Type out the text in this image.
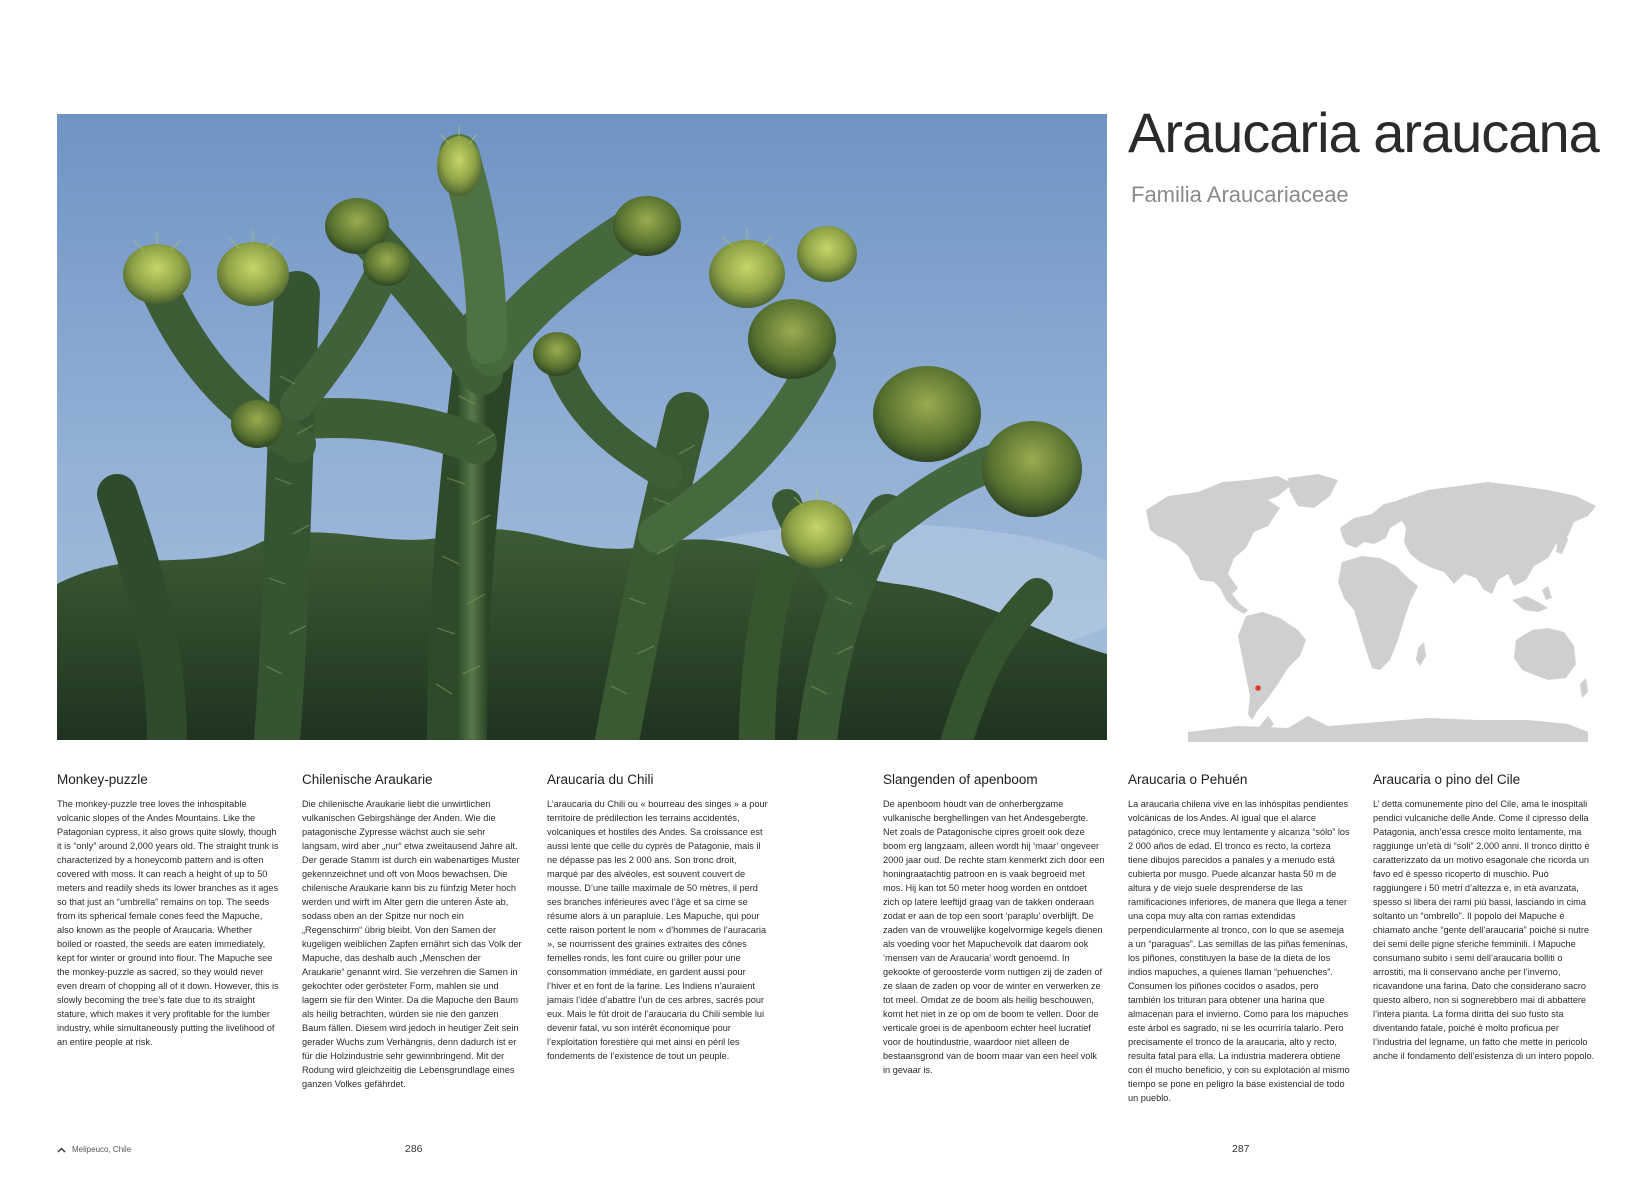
Araucaria araucana
Familia Araucariaceae
Monkey-puzzle

The monkey-puzzle tree loves the inhospitable volcanic slopes of the Andes Mountains. Like the Patagonian cypress, it also grows quite slowly, though it is “only” around 2,000 years old. The straight trunk is characterized by a honeycomb pattern and is often covered with moss. It can reach a height of up to 50 meters and readily sheds its lower branches as it ages so that just an “umbrella” remains on top. The seeds from its spherical female cones feed the Mapuche, also known as the people of Araucaria. Whether boiled or roasted, the seeds are eaten immediately, kept for winter or ground into flour. The Mapuche see the monkey-puzzle as sacred, so they would never even dream of chopping all of it down. However, this is slowly becoming the tree’s fate due to its straight stature, which makes it very profitable for the lumber industry, while simultaneously putting the livelihood of an entire people at risk.

Chilenische Araukarie

Die chilenische Araukarie liebt die unwirtlichen vulkanischen Gebirgshänge der Anden. Wie die patagonische Zypresse wächst auch sie sehr langsam, wird aber „nur“ etwa zweitausend Jahre alt. Der gerade Stamm ist durch ein wabenartiges Muster gekennzeichnet und oft von Moos bewachsen. Die chilenische Araukarie kann bis zu fünfzig Meter hoch werden und wirft im Alter gern die unteren Äste ab, sodass oben an der Spitze nur noch ein „Regenschirm“ übrig bleibt. Von den Samen der kugeligen weiblichen Zapfen ernährt sich das Volk der Mapuche, das deshalb auch „Menschen der Araukarie“ genannt wird. Sie verzehren die Samen in gekochter oder gerösteter Form, mahlen sie und lagern sie für den Winter. Da die Mapuche den Baum als heilig betrachten, würden sie nie den ganzen Baum fällen. Diesem wird jedoch in heutiger Zeit sein gerader Wuchs zum Verhängnis, denn dadurch ist er für die Holzindustrie sehr gewinnbringend. Mit der Rodung wird gleichzeitig die Lebensgrundlage eines ganzen Volkes gefährdet.

Araucaria du Chili

L’araucaria du Chili ou « bourreau des singes » a pour territoire de prédilection les terrains accidentés, volcaniques et hostiles des Andes. Sa croissance est aussi lente que celle du cyprès de Patagonie, mais il ne dépasse pas les 2 000 ans. Son tronc droit, marqué par des alvéoles, est souvent couvert de mousse. D’une taille maximale de 50 mètres, il perd ses branches inférieures avec l’âge et sa cime se résume alors à un parapluie. Les Mapuche, qui pour cette raison portent le nom « d’hommes de l’auracaria », se nourrissent des graines extraites des cônes femelles ronds, les font cuire ou griller pour une consommation immédiate, en gardent aussi pour l’hiver et en font de la farine. Les Indiens n’auraient jamais l’idée d’abattre l’un de ces arbres, sacrés pour eux. Mais le fût droit de l’araucaria du Chili semble lui devenir fatal, vu son intérêt économique pour l’exploitation forestière qui met ainsi en péril les fondements de l’existence de tout un peuple.

Slangenden of apenboom

De apenboom houdt van de onherbergzame vulkanische berghellingen van het Andesgebergte. Net zoals de Patagonische cipres groeit ook deze boom erg langzaam, alleen wordt hij ‘maar’ ongeveer 2000 jaar oud. De rechte stam kenmerkt zich door een honingraatachtig patroon en is vaak begroeid met mos. Hij kan tot 50 meter hoog worden en ontdoet zich op latere leeftijd graag van de takken onderaan zodat er aan de top een soort ‘paraplu’ overblijft. De zaden van de vrouwelijke kogelvormige kegels dienen als voeding voor het Mapuchevolk dat daarom ook ‘mensen van de Araucaria’ wordt genoemd. In gekookte of geroosterde vorm nuttigen zij de zaden of ze slaan de zaden op voor de winter en verwerken ze tot meel. Omdat ze de boom als heilig beschouwen, komt het niet in ze op om de boom te vellen. Door de verticale groei is de apenboom echter heel lucratief voor de houtindustrie, waardoor niet alleen de bestaansgrond van de boom maar van een heel volk in gevaar is.

Araucaria o Pehuén

La araucaria chilena vive en las inhóspitas pendientes volcánicas de los Andes. Al igual que el alarce patagónico, crece muy lentamente y alcanza “sólo” los 2 000 años de edad. El tronco es recto, la corteza tiene dibujos parecidos a panales y a menudo está cubierta por musgo. Puede alcanzar hasta 50 m de altura y de viejo suele desprenderse de las ramificaciones inferiores, de manera que llega a tener una copa muy alta con ramas extendidas perpendicularmente al tronco, con lo que se asemeja a un “paraguas”. Las semillas de las piñas femeninas, los piñones, constituyen la base de la dieta de los indios mapuches, a quienes llaman “pehuenches”. Consumen los piñones cocidos o asados, pero también los trituran para obtener una harina que almacenan para el invierno. Como para los mapuches este árbol es sagrado, ni se les ocurriría talarlo. Pero precisamente el tronco de la araucaria, alto y recto, resulta fatal para ella. La industria maderera obtiene con él mucho beneficio, y con su explotación al mismo tiempo se pone en peligro la base existencial de todo un pueblo.

Araucaria o pino del Cile

L’ detta comunemente pino del Cile, ama le inospitali pendici vulcaniche delle Ande. Come il cipresso della Patagonia, anch’essa cresce molto lentamente, ma raggiunge un’età di “soli” 2.000 anni. Il tronco diritto è caratterizzato da un motivo esagonale che ricorda un favo ed è spesso ricoperto di muschio. Può raggiungere i 50 metri d’altezza e, in età avanzata, spesso si libera dei rami più bassi, lasciando in cima soltanto un “ombrello”. Il popolo dei Mapuche è chiamato anche “gente dell’araucaria” poiché si nutre dei semi delle pigne sferiche femminili. I Mapuche consumano subito i semi dell’araucaria bolliti o arrostiti, ma li conservano anche per l’inverno, ricavandone una farina. Dato che considerano sacro questo albero, non si sognerebbero mai di abbattere l’intera pianta. La forma diritta del suo fusto sta diventando fatale, poiché è molto proficua per l’industria del legname, un fatto che mette in pericolo anche il fondamento dell’esistenza di un intero popolo.

Melipeuco, Chile	286	287
